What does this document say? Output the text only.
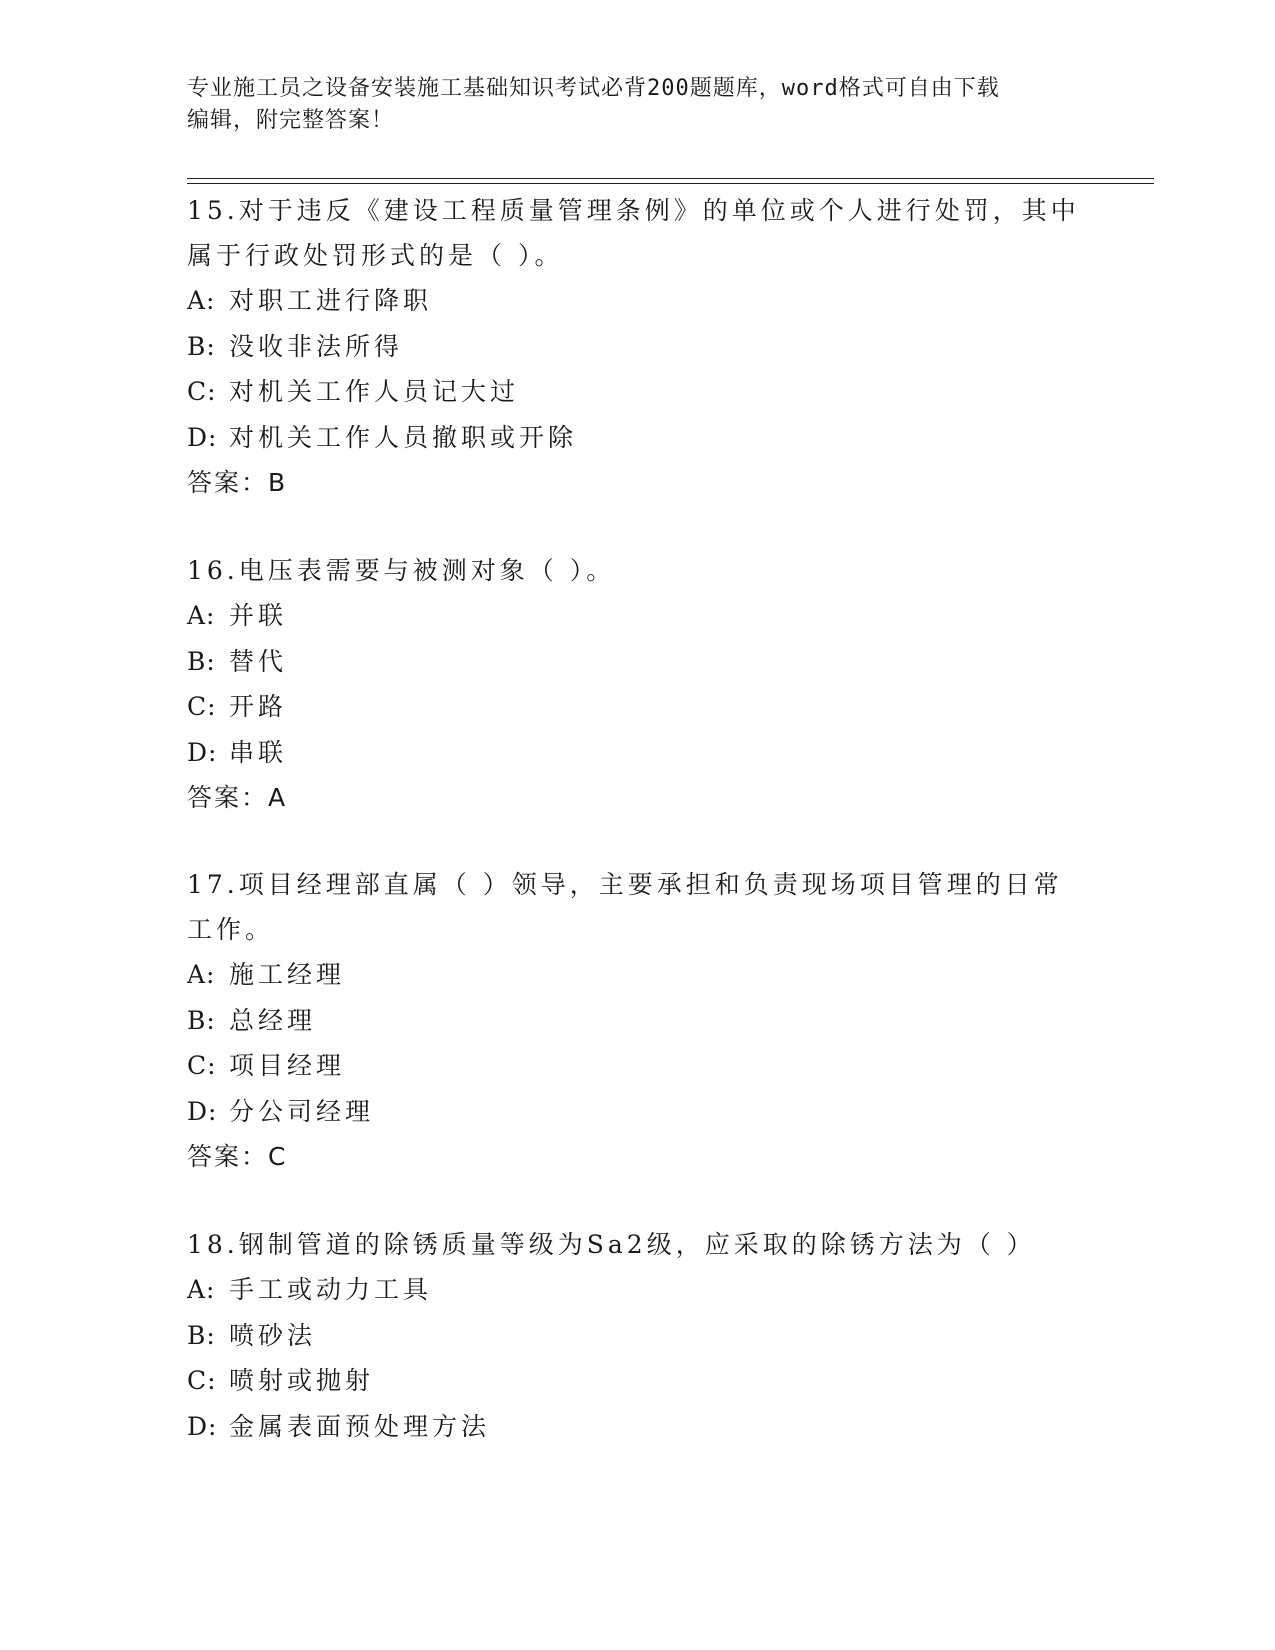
专业施工员之设备安装施工基础知识考试必背200题题库，word格式可自由下载
编辑，附完整答案！

15.对于违反《建设工程质量管理条例》的单位或个人进行处罚，其中

属于行政处罚形式的是（ ）。

A: 对职工进行降职

B: 没收非法所得

C: 对机关工作人员记大过

D: 对机关工作人员撤职或开除

答案：B

16.电压表需要与被测对象（ ）。

A: 并联

B: 替代

C: 开路

D: 串联

答案：A

17.项目经理部直属（ ）领导，主要承担和负责现场项目管理的日常

工作。

A: 施工经理

B: 总经理

C: 项目经理

D: 分公司经理

答案：C

18.钢制管道的除锈质量等级为Sa2级，应采取的除锈方法为（ ）

A: 手工或动力工具

B: 喷砂法

C: 喷射或抛射

D: 金属表面预处理方法
